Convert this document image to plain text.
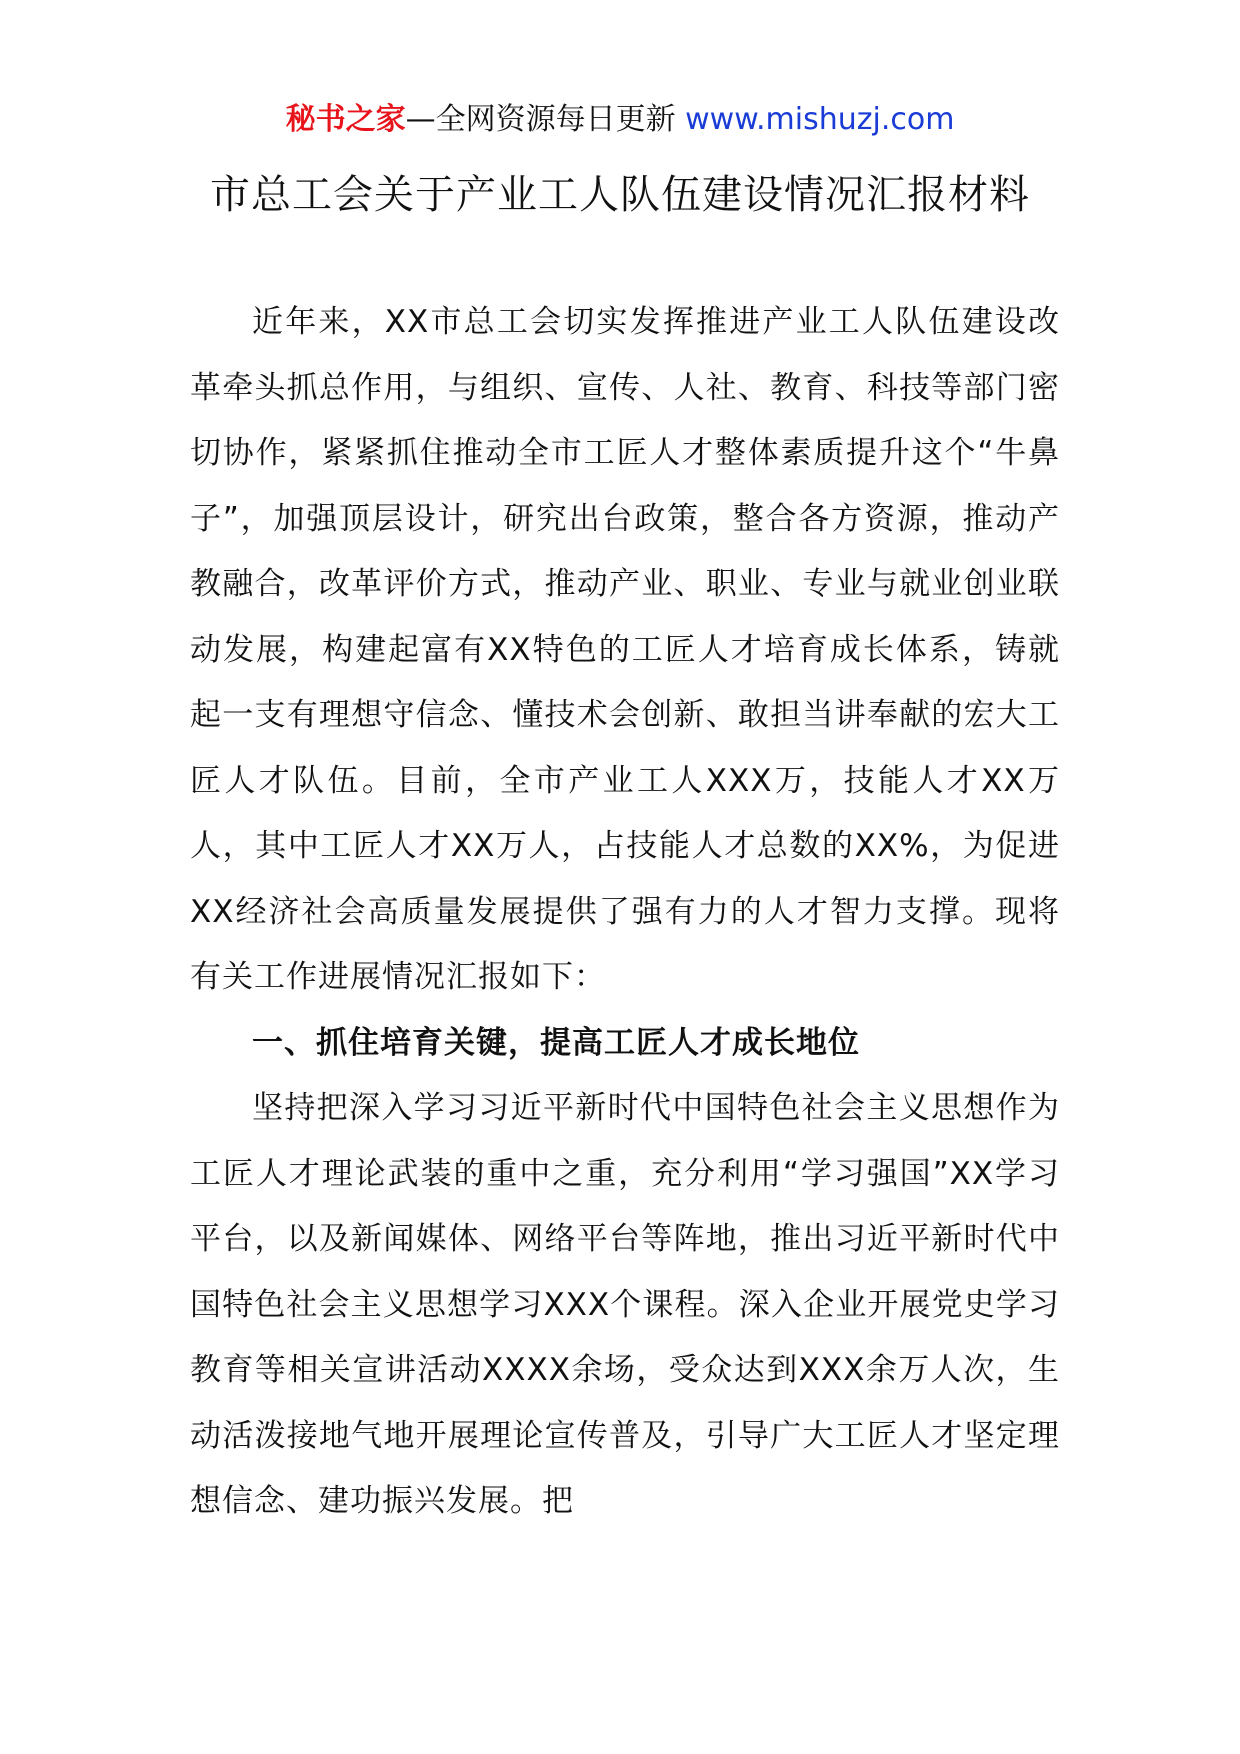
秘书之家—全网资源每日更新 www.mishuzj.com
市总工会关于产业工人队伍建设情况汇报材料

近年来，XX市总工会切实发挥推进产业工人队伍建设改革牵头抓总作用，与组织、宣传、人社、教育、科技等部门密切协作，紧紧抓住推动全市工匠人才整体素质提升这个“牛鼻子”，加强顶层设计，研究出台政策，整合各方资源，推动产教融合，改革评价方式，推动产业、职业、专业与就业创业联动发展，构建起富有XX特色的工匠人才培育成长体系，铸就起一支有理想守信念、懂技术会创新、敢担当讲奉献的宏大工匠人才队伍。目前，全市产业工人XXX万，技能人才XX万人，其中工匠人才XX万人，占技能人才总数的XX%，为促进XX经济社会高质量发展提供了强有力的人才智力支撑。现将有关工作进展情况汇报如下：

一、抓住培育关键，提高工匠人才成长地位

坚持把深入学习习近平新时代中国特色社会主义思想作为工匠人才理论武装的重中之重，充分利用“学习强国”XX学习平台，以及新闻媒体、网络平台等阵地，推出习近平新时代中国特色社会主义思想学习XXX个课程。深入企业开展党史学习教育等相关宣讲活动XXXX余场，受众达到XXX余万人次，生动活泼接地气地开展理论宣传普及，引导广大工匠人才坚定理想信念、建功振兴发展。把
